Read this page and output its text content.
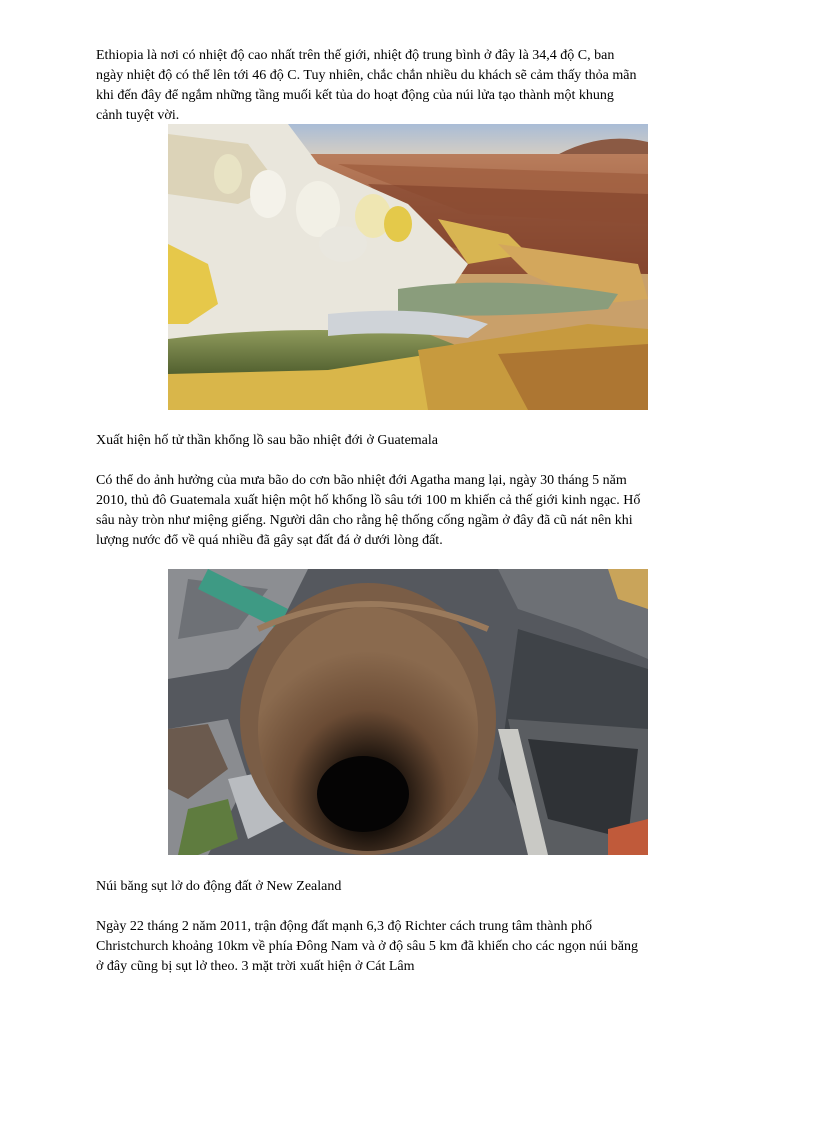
Ethiopia là nơi có nhiệt độ cao nhất trên thế giới, nhiệt độ trung bình ở đây là 34,4 độ C, ban
ngày nhiệt độ có thể lên tới 46 độ C. Tuy nhiên, chắc chắn nhiều du khách sẽ cảm thấy thỏa mãn
khi đến đây để ngắm những tầng muối kết tủa do hoạt động của núi lửa tạo thành một khung
cảnh tuyệt vời.
Xuất hiện hố tử thần khổng lồ sau bão nhiệt đới ở Guatemala
Có thể do ảnh hưởng của mưa bão do cơn bão nhiệt đới Agatha mang lại, ngày 30 tháng 5 năm
2010, thủ đô Guatemala xuất hiện một hố khổng lồ sâu tới 100 m khiến cả thế giới kinh ngạc. Hố
sâu này tròn như miệng giếng. Người dân cho rằng hệ thống cống ngầm ở đây đã cũ nát nên khi
lượng nước đổ về quá nhiều đã gây sạt đất đá ở dưới lòng đất.
Núi băng sụt lở do động đất ở New Zealand
Ngày 22 tháng 2 năm 2011, trận động đất mạnh 6,3 độ Richter cách trung tâm thành phố
Christchurch khoảng 10km về phía Đông Nam và ở độ sâu 5 km đã khiến cho các ngọn núi băng
ở đây cũng bị sụt lở theo. 3 mặt trời xuất hiện ở Cát Lâm
